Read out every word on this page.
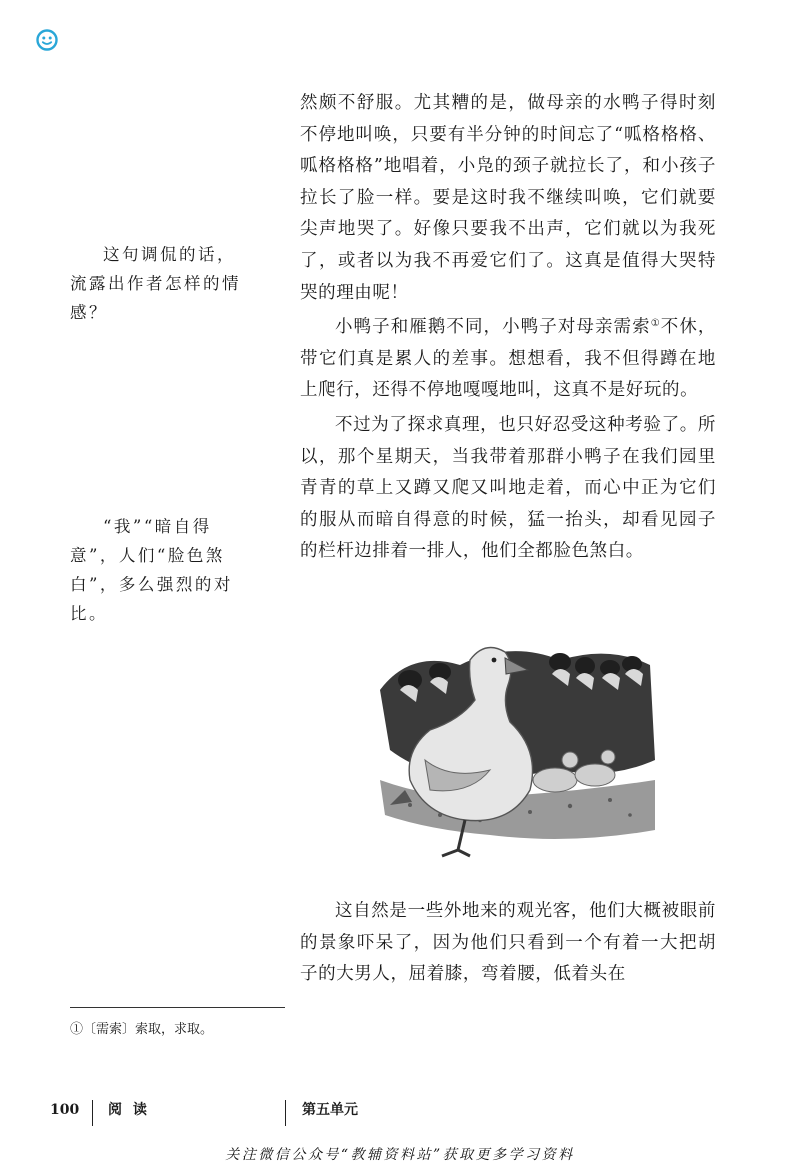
然颇不舒服。尤其糟的是，做母亲的水鸭子得时刻不停地叫唤，只要有半分钟的时间忘了“呱格格格、呱格格格”地唱着，小凫的颈子就拉长了，和小孩子拉长了脸一样。要是这时我不继续叫唤，它们就要尖声地哭了。好像只要我不出声，它们就以为我死了，或者以为我不再爱它们了。这真是值得大哭特哭的理由呢！

小鸭子和雁鹅不同，小鸭子对母亲需索①不休，带它们真是累人的差事。想想看，我不但得蹲在地上爬行，还得不停地嘎嘎地叫，这真不是好玩的。

不过为了探求真理，也只好忍受这种考验了。所以，那个星期天，当我带着那群小鸭子在我们园里青青的草上又蹲又爬又叫地走着，而心中正为它们的服从而暗自得意的时候，猛一抬头，却看见园子的栏杆边排着一排人，他们全都脸色煞白。

这句调侃的话，流露出作者怎样的情感？

“我”“暗自得意”，人们“脸色煞白”，多么强烈的对比。

这自然是一些外地来的观光客，他们大概被眼前的景象吓呆了，因为他们只看到一个有着一大把胡子的大男人，屈着膝，弯着腰，低着头在

①〔需索〕索取，求取。
100 阅 读	第五单元
关注微信公众号“教辅资料站”获取更多学习资料
